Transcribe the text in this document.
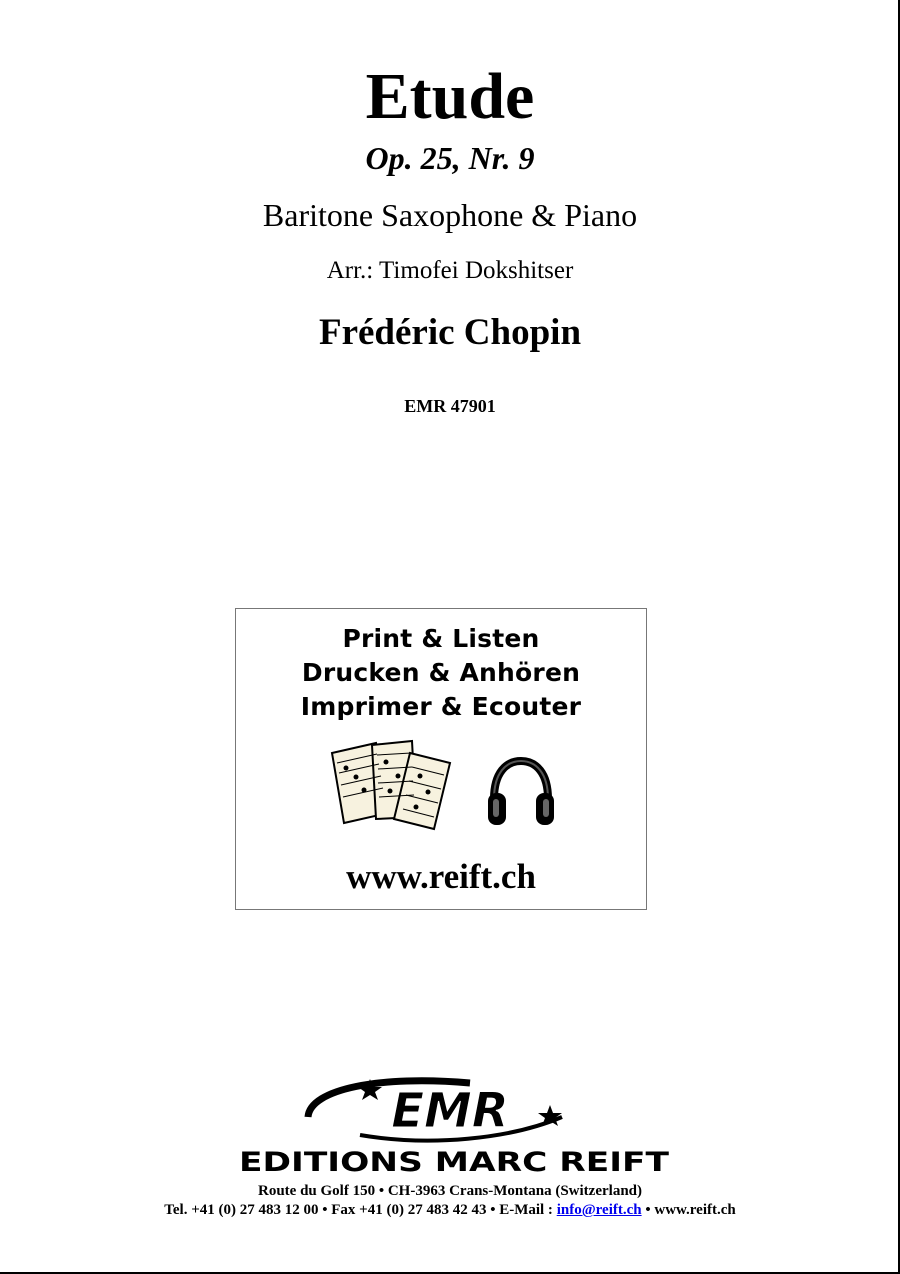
Etude
Op. 25, Nr. 9
Baritone Saxophone & Piano
Arr.: Timofei Dokshitser
Frédéric Chopin
EMR 47901
Print & Listen
Drucken & Anhören
Imprimer & Ecouter
www.reift.ch
EMR
EDITIONS MARC REIFT
Route du Golf 150 • CH-3963 Crans-Montana (Switzerland)
Tel. +41 (0) 27 483 12 00 • Fax +41 (0) 27 483 42 43 • E-Mail : info@reift.ch • www.reift.ch
